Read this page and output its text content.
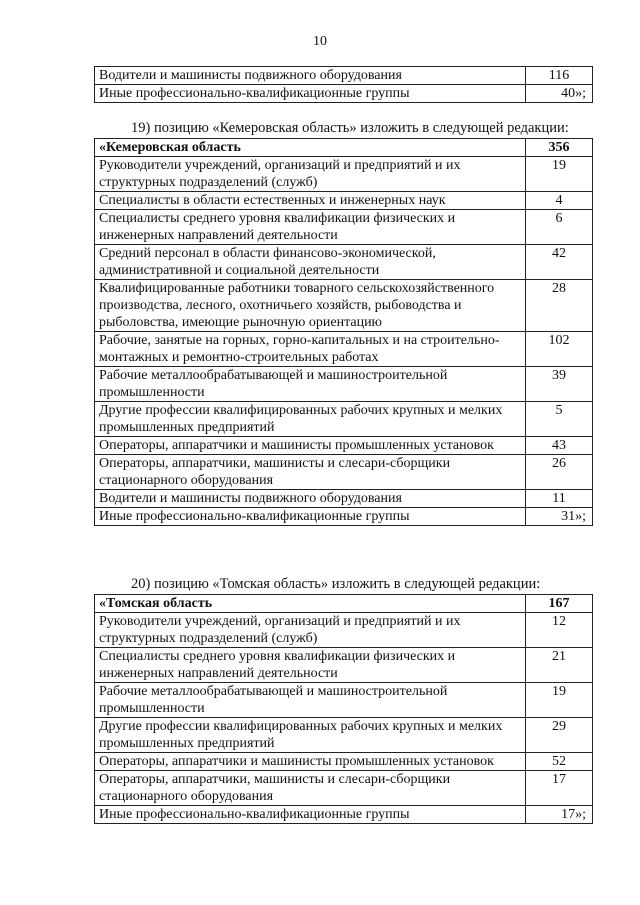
10
Водители и машинисты подвижного оборудования	116
Иные профессионально-квалификационные группы	40»;
19) позицию «Кемеровская область» изложить в следующей редакции:
«Кемеровская область	356
Руководители учреждений, организаций и предприятий и их структурных подразделений (служб)	19
Специалисты в области естественных и инженерных наук	4
Специалисты среднего уровня квалификации физических и инженерных направлений деятельности	6
Средний персонал в области финансово-экономической, административной и социальной деятельности	42
Квалифицированные работники товарного сельскохозяйственного производства, лесного, охотничьего хозяйств, рыбоводства и рыболовства, имеющие рыночную ориентацию	28
Рабочие, занятые на горных, горно-капитальных и на строительно-монтажных и ремонтно-строительных работах	102
Рабочие металлообрабатывающей и машиностроительной промышленности	39
Другие профессии квалифицированных рабочих крупных и мелких промышленных предприятий	5
Операторы, аппаратчики и машинисты промышленных установок	43
Операторы, аппаратчики, машинисты и слесари-сборщики стационарного оборудования	26
Водители и машинисты подвижного оборудования	11
Иные профессионально-квалификационные группы	31»;
20) позицию «Томская область» изложить в следующей редакции:
«Томская область	167
Руководители учреждений, организаций и предприятий и их структурных подразделений (служб)	12
Специалисты среднего уровня квалификации физических и инженерных направлений деятельности	21
Рабочие металлообрабатывающей и машиностроительной промышленности	19
Другие профессии квалифицированных рабочих крупных и мелких промышленных предприятий	29
Операторы, аппаратчики и машинисты промышленных установок	52
Операторы, аппаратчики, машинисты и слесари-сборщики стационарного оборудования	17
Иные профессионально-квалификационные группы	17»;
